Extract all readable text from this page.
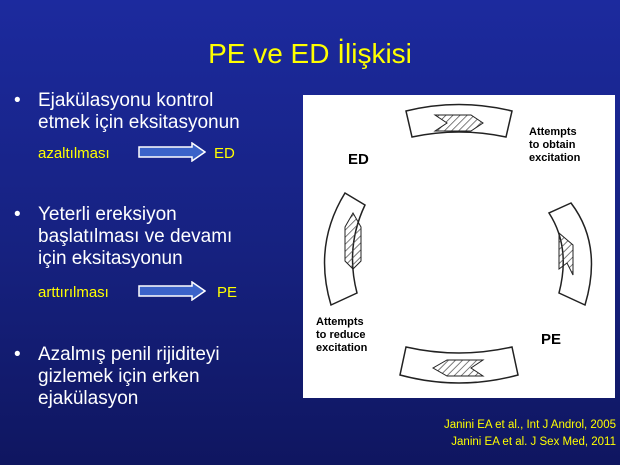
PE ve ED İlişkisi
• Ejakülasyonu kontrol
etmek için eksitasyonun
azaltılması	ED
• Yeterli ereksiyon
başlatılması ve devamı
için eksitasyonun
arttırılması	PE
• Azalmış penil rijiditeyi
gizlemek için erken
ejakülasyon
ED
PE
Attempts
to obtain
excitation
Attempts
to reduce
excitation
Janini EA et al., Int J Androl, 2005
Janini EA et al. J Sex Med, 2011
